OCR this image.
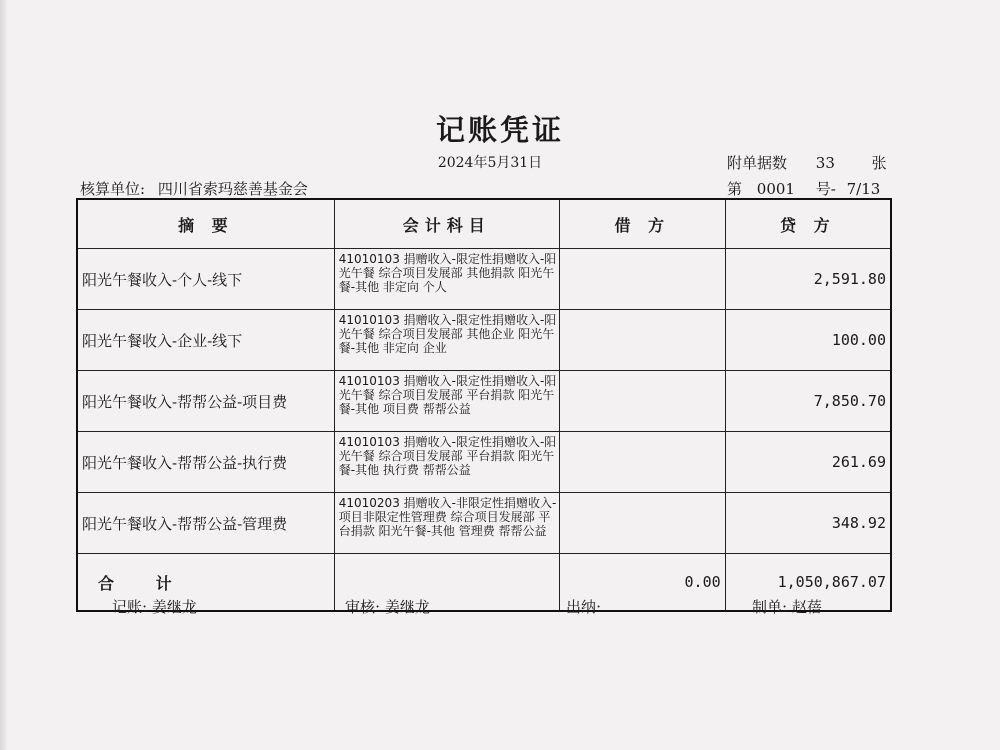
记账凭证
2024年5月31日	附单据数 33 张
核算单位: 四川省索玛慈善基金会	第 0001 号- 7/13
摘 要	会计科目	借 方	贷 方
阳光午餐收入-个人-线下	41010103 捐赠收入-限定性捐赠收入-阳光午餐 综合项目发展部 其他捐款 阳光午餐-其他 非定向 个人		2,591.80
阳光午餐收入-企业-线下	41010103 捐赠收入-限定性捐赠收入-阳光午餐 综合项目发展部 其他企业 阳光午餐-其他 非定向 企业		100.00
阳光午餐收入-帮帮公益-项目费	41010103 捐赠收入-限定性捐赠收入-阳光午餐 综合项目发展部 平台捐款 阳光午餐-其他 项目费 帮帮公益		7,850.70
阳光午餐收入-帮帮公益-执行费	41010103 捐赠收入-限定性捐赠收入-阳光午餐 综合项目发展部 平台捐款 阳光午餐-其他 执行费 帮帮公益		261.69
阳光午餐收入-帮帮公益-管理费	41010203 捐赠收入-非限定性捐赠收入-项目非限定性管理费 综合项目发展部 平台捐款 阳光午餐-其他 管理费 帮帮公益		348.92
合 计		0.00	1,050,867.07
记账: 姜继龙	审核: 姜继龙	出纳:	制单: 赵蓓
